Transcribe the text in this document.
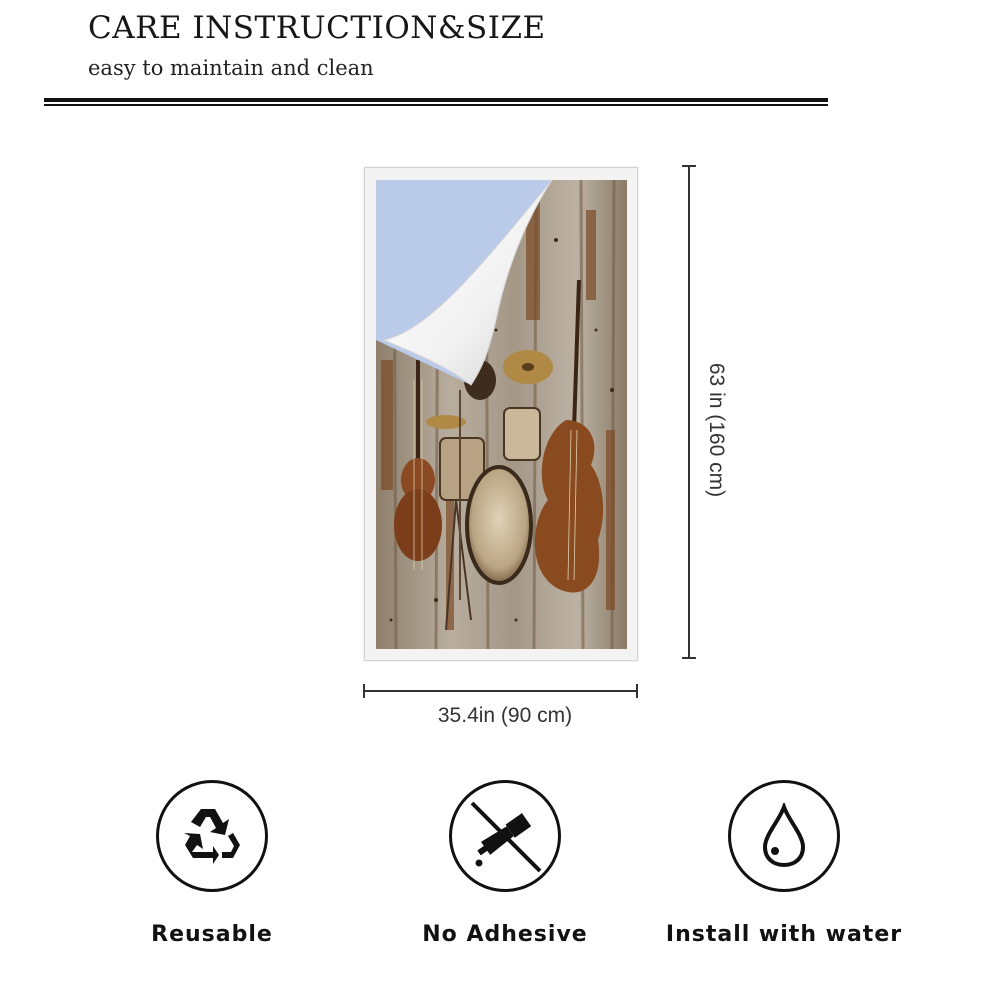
CARE INSTRUCTION&SIZE
easy to maintain and clean
63 in (160 cm)
35.4in (90 cm)
Reusable	No Adhesive	Install with water
